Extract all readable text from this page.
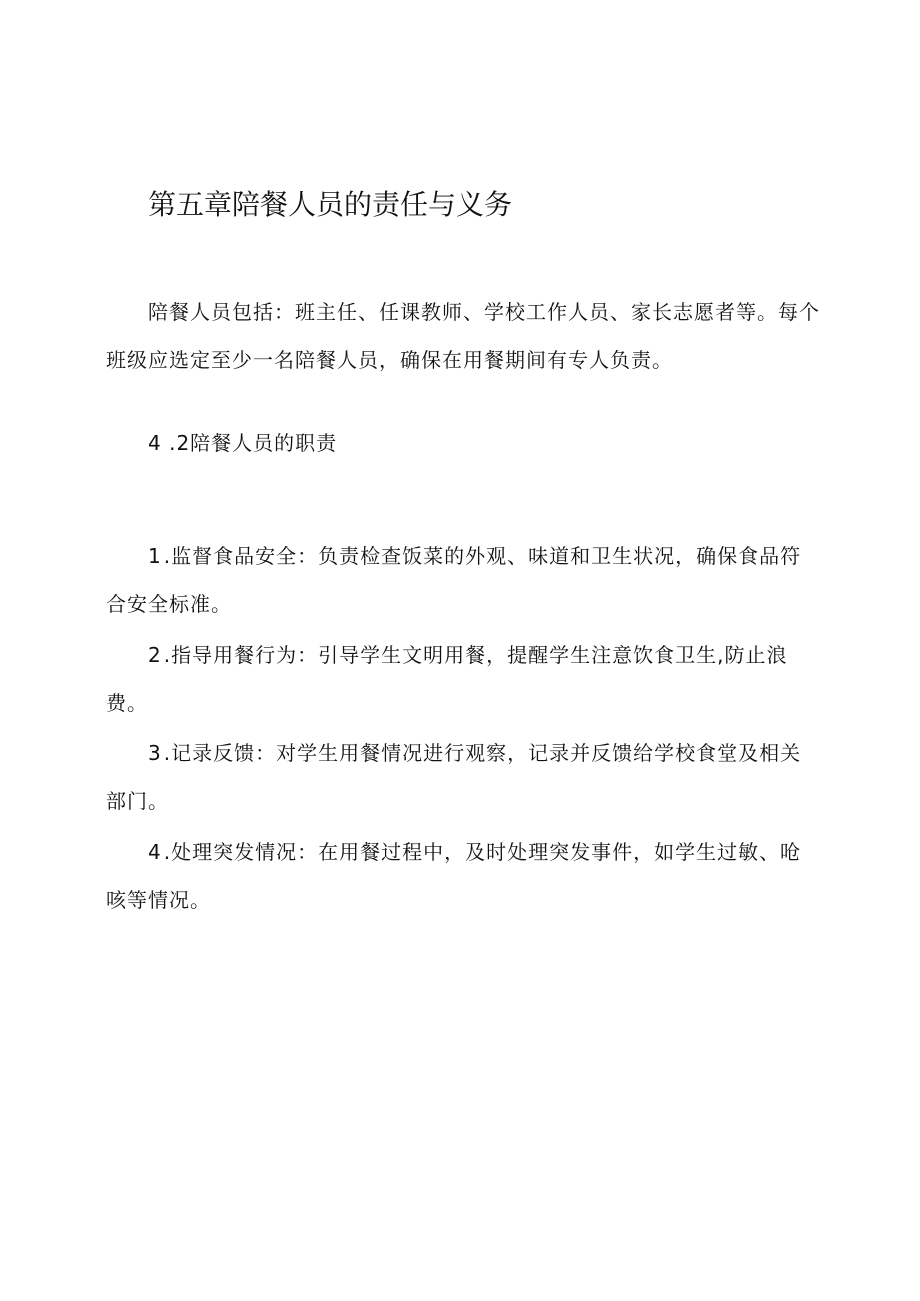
第五章陪餐人员的责任与义务

陪餐人员包括：班主任、任课教师、学校工作人员、家长志愿者等。每个班级应选定至少一名陪餐人员，确保在用餐期间有专人负责。

4 .2陪餐人员的职责

1 .监督食品安全：负责检查饭菜的外观、味道和卫生状况，确保食品符合安全标准。

2 .指导用餐行为：引导学生文明用餐，提醒学生注意饮食卫生,防止浪费。

3 .记录反馈：对学生用餐情况进行观察，记录并反馈给学校食堂及相关部门。

4 .处理突发情况：在用餐过程中，及时处理突发事件，如学生过敏、呛咳等情况。
